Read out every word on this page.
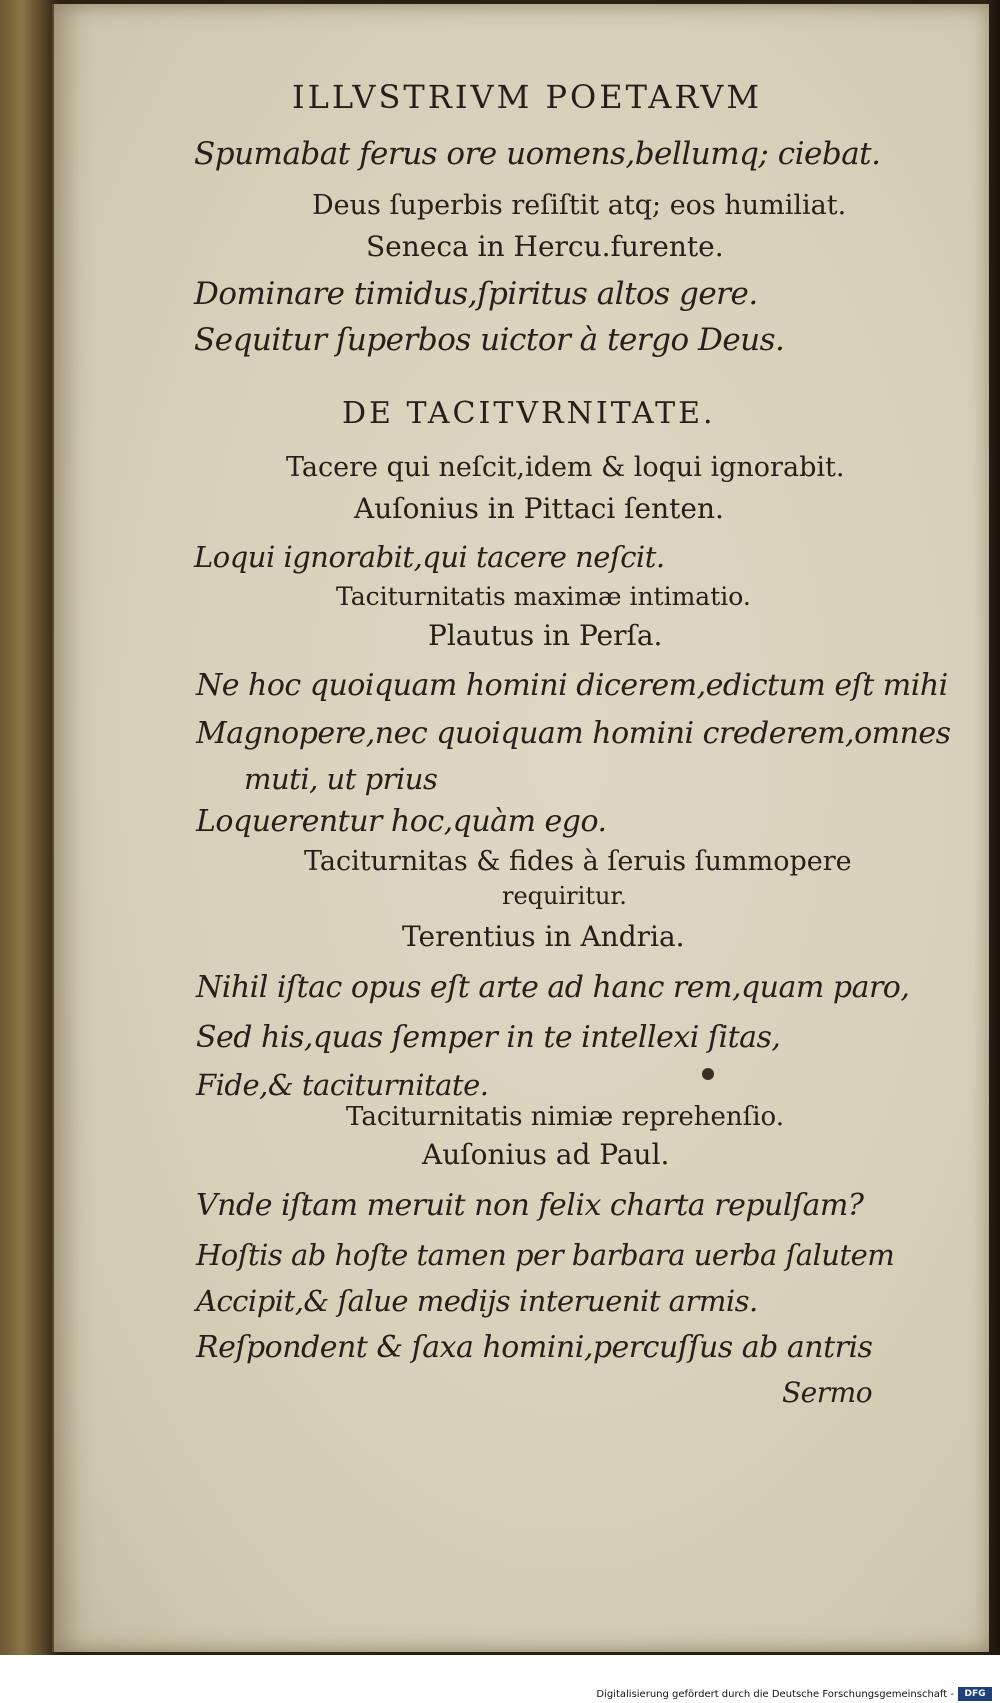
ILLVSTRIVM POETARVM
Spumabat ferus ore uomens,bellumq; ciebat.
Deus ſuperbis reſiſtit atq; eos humiliat.
Seneca in Hercu.furente.
Dominare timidus,ſpiritus altos gere.
Sequitur ſuperbos uictor à tergo Deus.
DE TACITVRNITATE.
Tacere qui neſcit,idem & loqui ignorabit.
Auſonius in Pittaci ſenten.
Loqui ignorabit,qui tacere neſcit.
Taciturnitatis maximæ intimatio.
Plautus in Perſa.
Ne hoc quoiquam homini dicerem,edictum eſt mihi
Magnopere,nec quoiquam homini crederem,omnes
muti, ut prius
Loquerentur hoc,quàm ego.
Taciturnitas & fides à ſeruis ſummopere
requiritur.
Terentius in Andria.
Nihil iſtac opus eſt arte ad hanc rem,quam paro,
Sed his,quas ſemper in te intellexi ſitas,
Fide,& taciturnitate.
Taciturnitatis nimiæ reprehenſio.
Auſonius ad Paul.
Vnde iſtam meruit non felix charta repulſam?
Hoſtis ab hoſte tamen per barbara uerba ſalutem
Accipit,& ſalue medijs interuenit armis.
Reſpondent & ſaxa homini,percuſſus ab antris
Sermo
Digitalisierung gefördert durch die Deutsche Forschungsgemeinschaft -	DFG
